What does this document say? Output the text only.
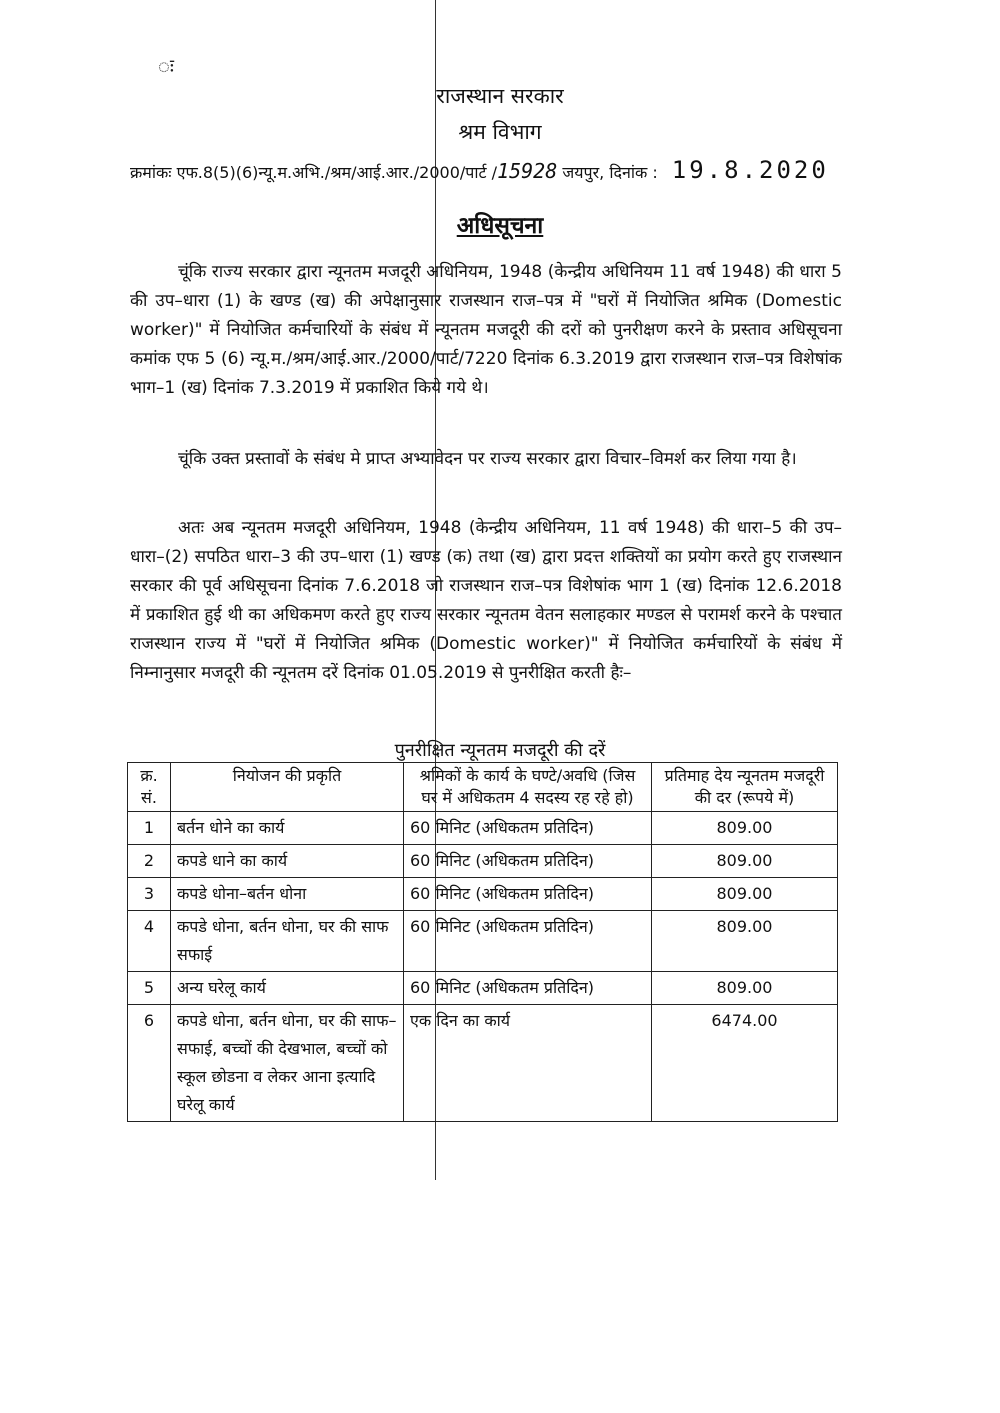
ः
राजस्थान सरकार
श्रम विभाग
क्रमांकः एफ.8(5)(6)न्यू.म.अभि./श्रम/आई.आर./2000/पार्ट /15928 जयपुर, दिनांक : 19.8.2020
अधिसूचना

चूंकि राज्य सरकार द्वारा न्यूनतम मजदूरी अधिनियम, 1948 (केन्द्रीय अधिनियम 11 वर्ष 1948) की धारा 5 की उप–धारा (1) के खण्ड (ख) की अपेक्षानुसार राजस्थान राज–पत्र में "घरों में नियोजित श्रमिक (Domestic worker)" में नियोजित कर्मचारियों के संबंध में न्यूनतम मजदूरी की दरों को पुनरीक्षण करने के प्रस्ताव अधिसूचना कमांक एफ 5 (6) न्यू.म./श्रम/आई.आर./2000/पार्ट/7220 दिनांक 6.3.2019 द्वारा राजस्थान राज–पत्र विशेषांक भाग–1 (ख) दिनांक 7.3.2019 में प्रकाशित किये गये थे।

चूंकि उक्त प्रस्तावों के संबंध मे प्राप्त अभ्यावेदन पर राज्य सरकार द्वारा विचार–विमर्श कर लिया गया है।

अतः अब न्यूनतम मजदूरी अधिनियम, 1948 (केन्द्रीय अधिनियम, 11 वर्ष 1948) की धारा–5 की उप–धारा–(2) सपठित धारा–3 की उप–धारा (1) खण्ड (क) तथा (ख) द्वारा प्रदत्त शक्तियों का प्रयोग करते हुए राजस्थान सरकार की पूर्व अधिसूचना दिनांक 7.6.2018 जो राजस्थान राज–पत्र विशेषांक भाग 1 (ख) दिनांक 12.6.2018 में प्रकाशित हुई थी का अधिकमण करते हुए राज्य सरकार न्यूनतम वेतन सलाहकार मण्डल से परामर्श करने के पश्चात राजस्थान राज्य में "घरों में नियोजित श्रमिक (Domestic worker)" में नियोजित कर्मचारियों के संबंध में निम्नानुसार मजदूरी की न्यूनतम दरें दिनांक 01.05.2019 से पुनरीक्षित करती हैः–

पुनरीक्षित न्यूनतम मजदूरी की दरें
क्र. सं.	नियोजन की प्रकृति	श्रमिकों के कार्य के घण्टे/अवधि (जिस घर में अधिकतम 4 सदस्य रह रहे हो)	प्रतिमाह देय न्यूनतम मजदूरी की दर (रूपये में)
1	बर्तन धोने का कार्य	60 मिनिट (अधिकतम प्रतिदिन)	809.00
2	कपडे धाने का कार्य	60 मिनिट (अधिकतम प्रतिदिन)	809.00
3	कपडे धोना–बर्तन धोना	60 मिनिट (अधिकतम प्रतिदिन)	809.00
4	कपडे धोना, बर्तन धोना, घर की साफ सफाई	60 मिनिट (अधिकतम प्रतिदिन)	809.00
5	अन्य घरेलू कार्य	60 मिनिट (अधिकतम प्रतिदिन)	809.00
6	कपडे धोना, बर्तन धोना, घर की साफ–सफाई, बच्चों की देखभाल, बच्चों को स्कूल छोडना व लेकर आना इत्यादि घरेलू कार्य	एक दिन का कार्य	6474.00
